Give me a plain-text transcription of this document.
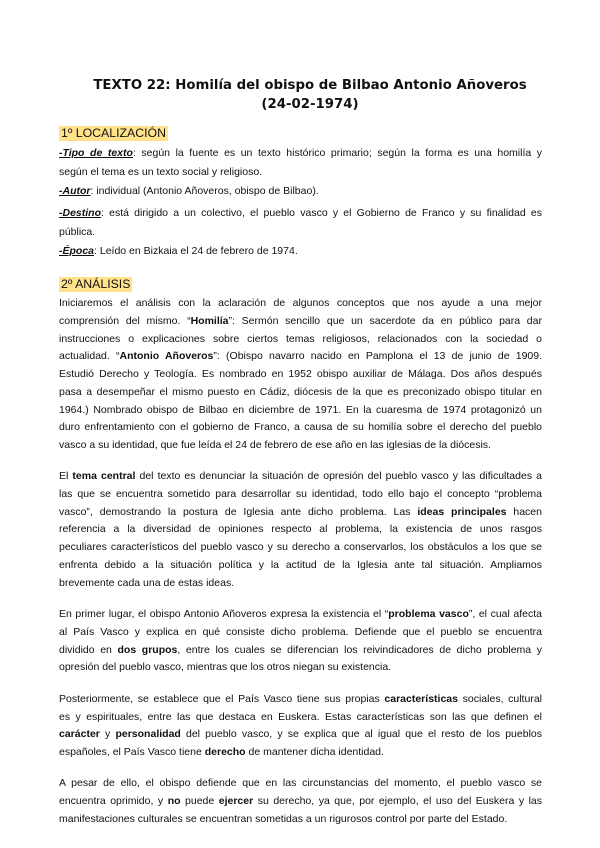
TEXTO 22: Homilía del obispo de Bilbao Antonio Añoveros
(24-02-1974)
1º LOCALIZACIÓN
-Tipo de texto: según la fuente es un texto histórico primario; según la forma es una homilía y
según el tema es un texto social y religioso.
-Autor: individual (Antonio Añoveros, obispo de Bilbao).
-Destino: está dirigido a un colectivo, el pueblo vasco y el Gobierno de Franco y su finalidad es
pública.
-Época: Leído en Bizkaia el 24 de febrero de 1974.
2º ANÁLISIS
Iniciaremos el análisis con la aclaración de algunos conceptos que nos ayude a una mejor
comprensión del mismo. “Homilía”: Sermón sencillo que un sacerdote da en público para dar
instrucciones o explicaciones sobre ciertos temas religiosos, relacionados con la sociedad o
actualidad. “Antonio Añoveros”: (Obispo navarro nacido en Pamplona el 13 de junio de 1909.
Estudió Derecho y Teología. Es nombrado en 1952 obispo auxiliar de Málaga. Dos años después
pasa a desempeñar el mismo puesto en Cádiz, diócesis de la que es preconizado obispo titular en
1964.) Nombrado obispo de Bilbao en diciembre de 1971. En la cuaresma de 1974 protagonizó un
duro enfrentamiento con el gobierno de Franco, a causa de su homilía sobre el derecho del pueblo
vasco a su identidad, que fue leída el 24 de febrero de ese año en las iglesias de la diócesis.
El tema central del texto es denunciar la situación de opresión del pueblo vasco y las dificultades a
las que se encuentra sometido para desarrollar su identidad, todo ello bajo el concepto “problema
vasco”, demostrando la postura de Iglesia ante dicho problema. Las ideas principales hacen
referencia a la diversidad de opiniones respecto al problema, la existencia de unos rasgos
peculiares característicos del pueblo vasco y su derecho a conservarlos, los obstáculos a los que se
enfrenta debido a la situación política y la actitud de la Iglesia ante tal situación. Ampliamos
brevemente cada una de estas ideas.
En primer lugar, el obispo Antonio Añoveros expresa la existencia el “problema vasco”, el cual afecta
al País Vasco y explica en qué consiste dicho problema. Defiende que el pueblo se encuentra
dividido en dos grupos, entre los cuales se diferencian los reivindicadores de dicho problema y
opresión del pueblo vasco, mientras que los otros niegan su existencia.
Posteriormente, se establece que el País Vasco tiene sus propias características sociales, cultural
es y espirituales, entre las que destaca en Euskera. Estas características son las que definen el
carácter y personalidad del pueblo vasco, y se explica que al igual que el resto de los pueblos
españoles, el País Vasco tiene derecho de mantener dicha identidad.
A pesar de ello, el obispo defiende que en las circunstancias del momento, el pueblo vasco se
encuentra oprimido, y no puede ejercer su derecho, ya que, por ejemplo, el uso del Euskera y las
manifestaciones culturales se encuentran sometidas a un rigurosos control por parte del Estado.
